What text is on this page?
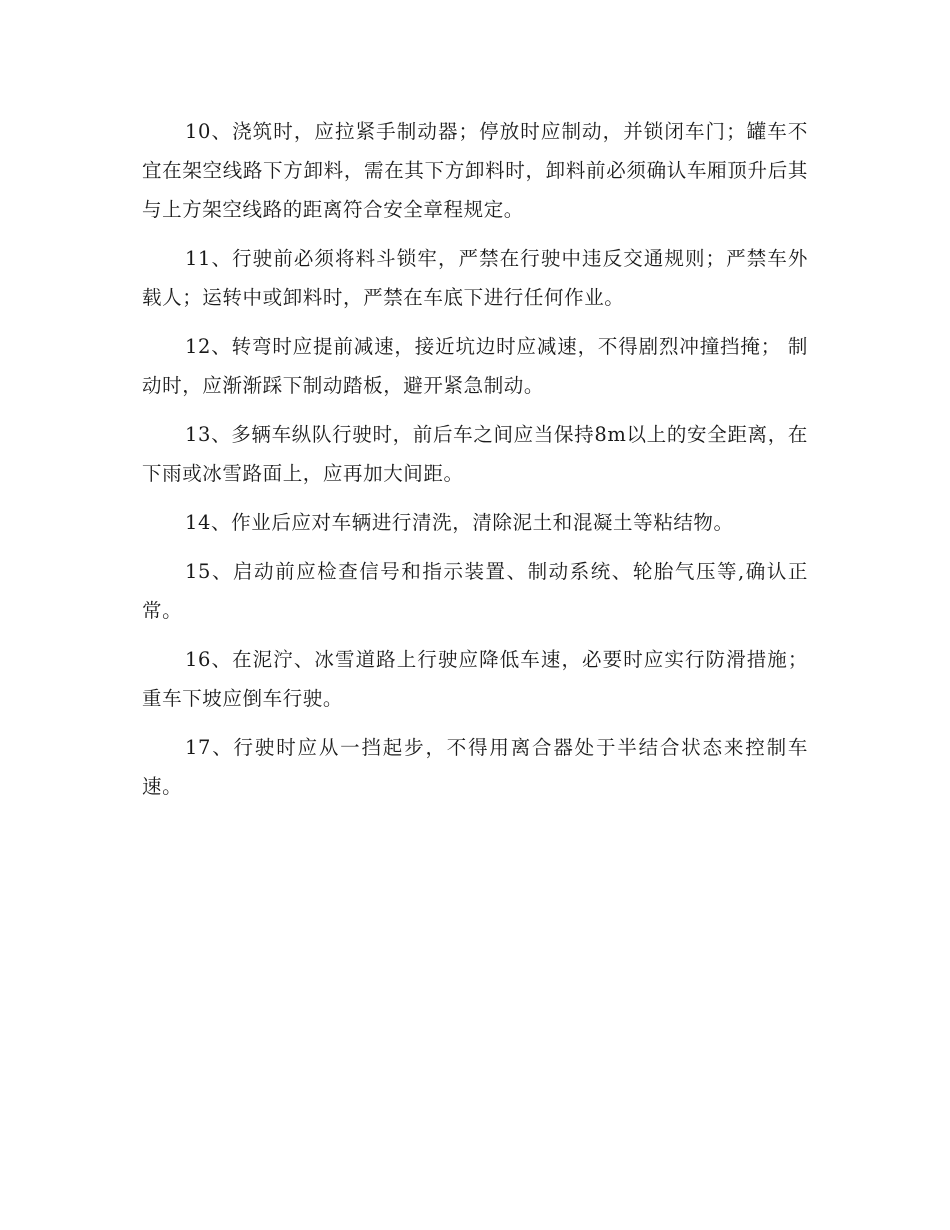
10、浇筑时，应拉紧手制动器；停放时应制动，并锁闭车门；罐车不宜在架空线路下方卸料，需在其下方卸料时，卸料前必须确认车厢顶升后其与上方架空线路的距离符合安全章程规定。

11、行驶前必须将料斗锁牢，严禁在行驶中违反交通规则；严禁车外载人；运转中或卸料时，严禁在车底下进行任何作业。

12、转弯时应提前减速，接近坑边时应减速，不得剧烈冲撞挡掩； 制动时，应渐渐踩下制动踏板，避开紧急制动。

13、多辆车纵队行驶时，前后车之间应当保持8m以上的安全距离，在下雨或冰雪路面上，应再加大间距。

14、作业后应对车辆进行清洗，清除泥土和混凝土等粘结物。

15、启动前应检查信号和指示装置、制动系统、轮胎气压等,确认正常。

16、在泥泞、冰雪道路上行驶应降低车速，必要时应实行防滑措施；重车下坡应倒车行驶。

17、行驶时应从一挡起步，不得用离合器处于半结合状态来控制车速。
